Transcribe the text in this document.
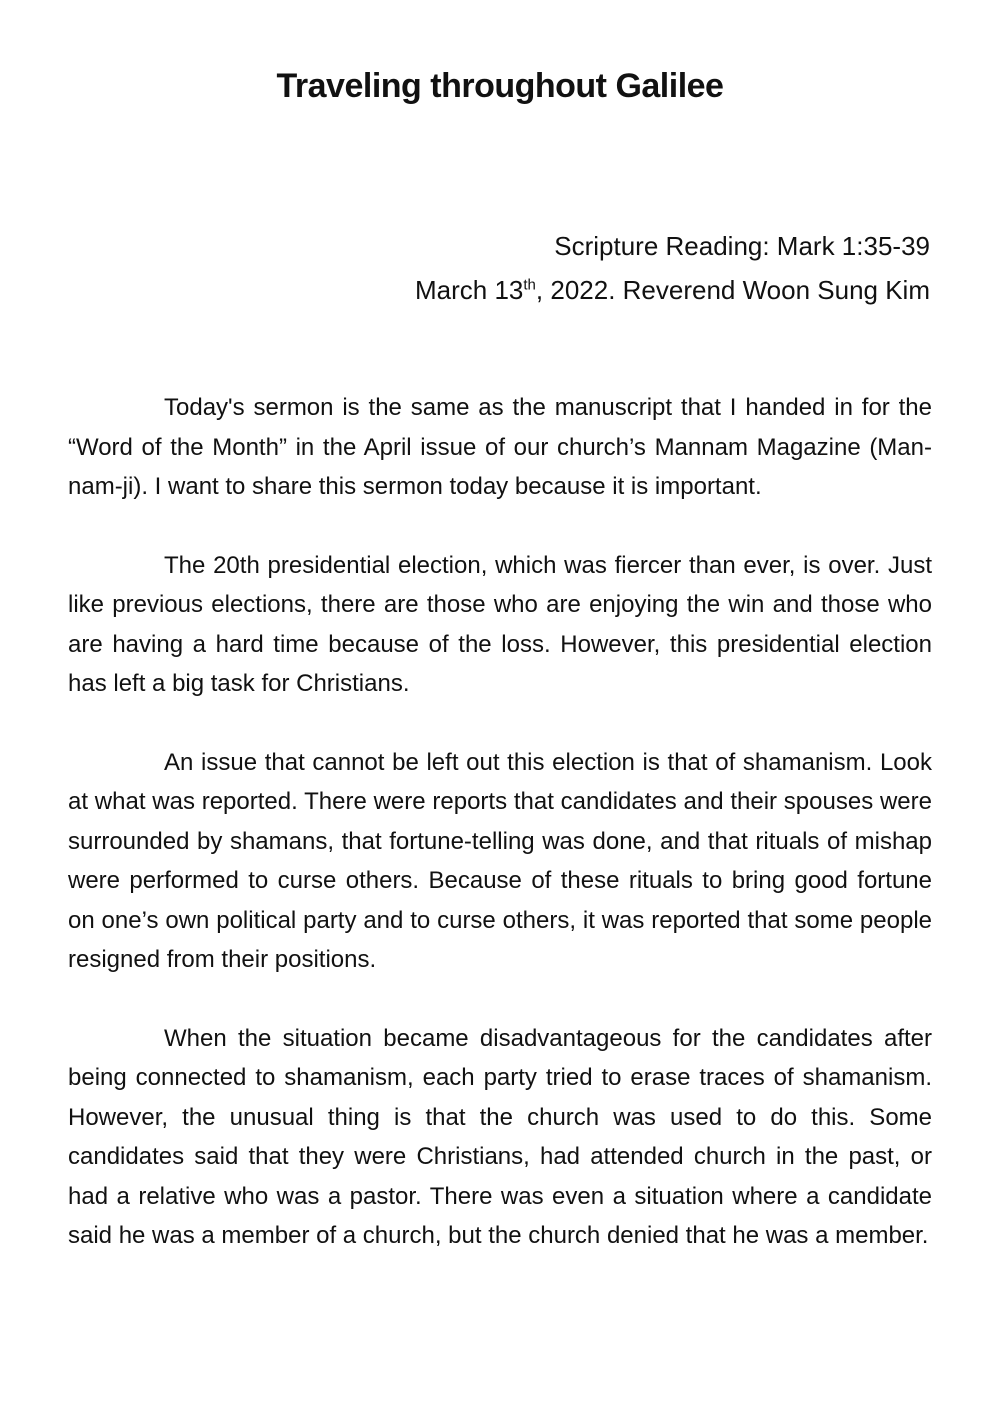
Traveling throughout Galilee
Scripture Reading: Mark 1:35-39
March 13th, 2022. Reverend Woon Sung Kim

Today's sermon is the same as the manuscript that I handed in for the “Word of the Month” in the April issue of our church’s Mannam Magazine (Man-nam-ji). I want to share this sermon today because it is important.

The 20th presidential election, which was fiercer than ever, is over. Just like previous elections, there are those who are enjoying the win and those who are having a hard time because of the loss. However, this presidential election has left a big task for Christians.

An issue that cannot be left out this election is that of shamanism. Look at what was reported. There were reports that candidates and their spouses were surrounded by shamans, that fortune-telling was done, and that rituals of mishap were performed to curse others. Because of these rituals to bring good fortune on one’s own political party and to curse others, it was reported that some people resigned from their positions.

When the situation became disadvantageous for the candidates after being connected to shamanism, each party tried to erase traces of shamanism. However, the unusual thing is that the church was used to do this. Some candidates said that they were Christians, had attended church in the past, or had a relative who was a pastor. There was even a situation where a candidate said he was a member of a church, but the church denied that he was a member.
